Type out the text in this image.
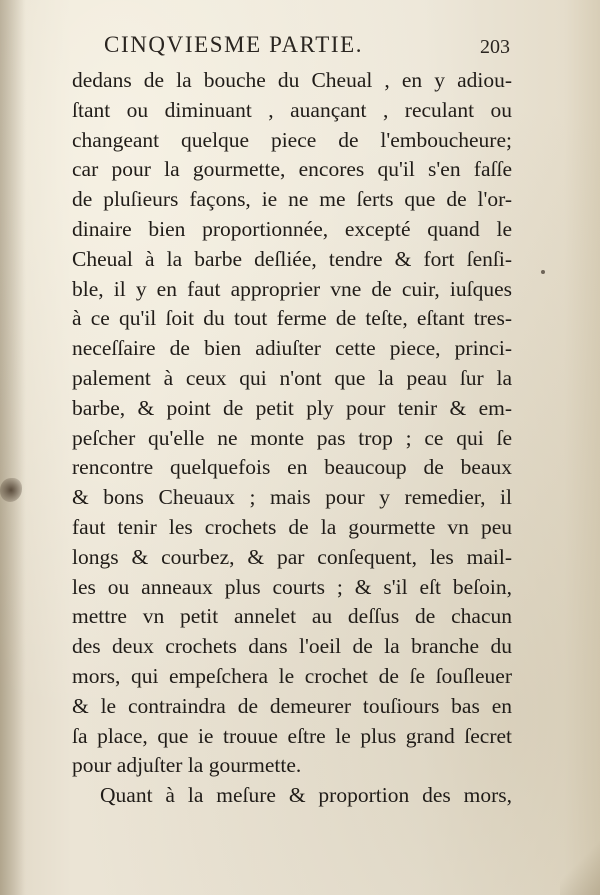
CINQVIESME PARTIE.	203
dedans de la bouche du Cheual , en y adiou-
ſtant ou diminuant , auançant , reculant ou
changeant quelque piece de l'emboucheure;
car pour la gourmette, encores qu'il s'en faſſe
de pluſieurs façons, ie ne me ſerts que de l'or-
dinaire bien proportionnée, excepté quand le
Cheual à la barbe deſliée, tendre & fort ſenſi-
ble, il y en faut approprier vne de cuir, iuſques
à ce qu'il ſoit du tout ferme de teſte, eſtant tres-
neceſſaire de bien adiuſter cette piece, princi-
palement à ceux qui n'ont que la peau ſur la
barbe, & point de petit ply pour tenir & em-
peſcher qu'elle ne monte pas trop ; ce qui ſe
rencontre quelquefois en beaucoup de beaux
& bons Cheuaux ; mais pour y remedier, il
faut tenir les crochets de la gourmette vn peu
longs & courbez, & par conſequent, les mail-
les ou anneaux plus courts ; & s'il eſt beſoin,
mettre vn petit annelet au deſſus de chacun
des deux crochets dans l'oeil de la branche du
mors, qui empeſchera le crochet de ſe ſouſleuer
& le contraindra de demeurer touſiours bas en
ſa place, que ie trouue eſtre le plus grand ſecret
pour adjuſter la gourmette.
Quant à la meſure & proportion des mors,
